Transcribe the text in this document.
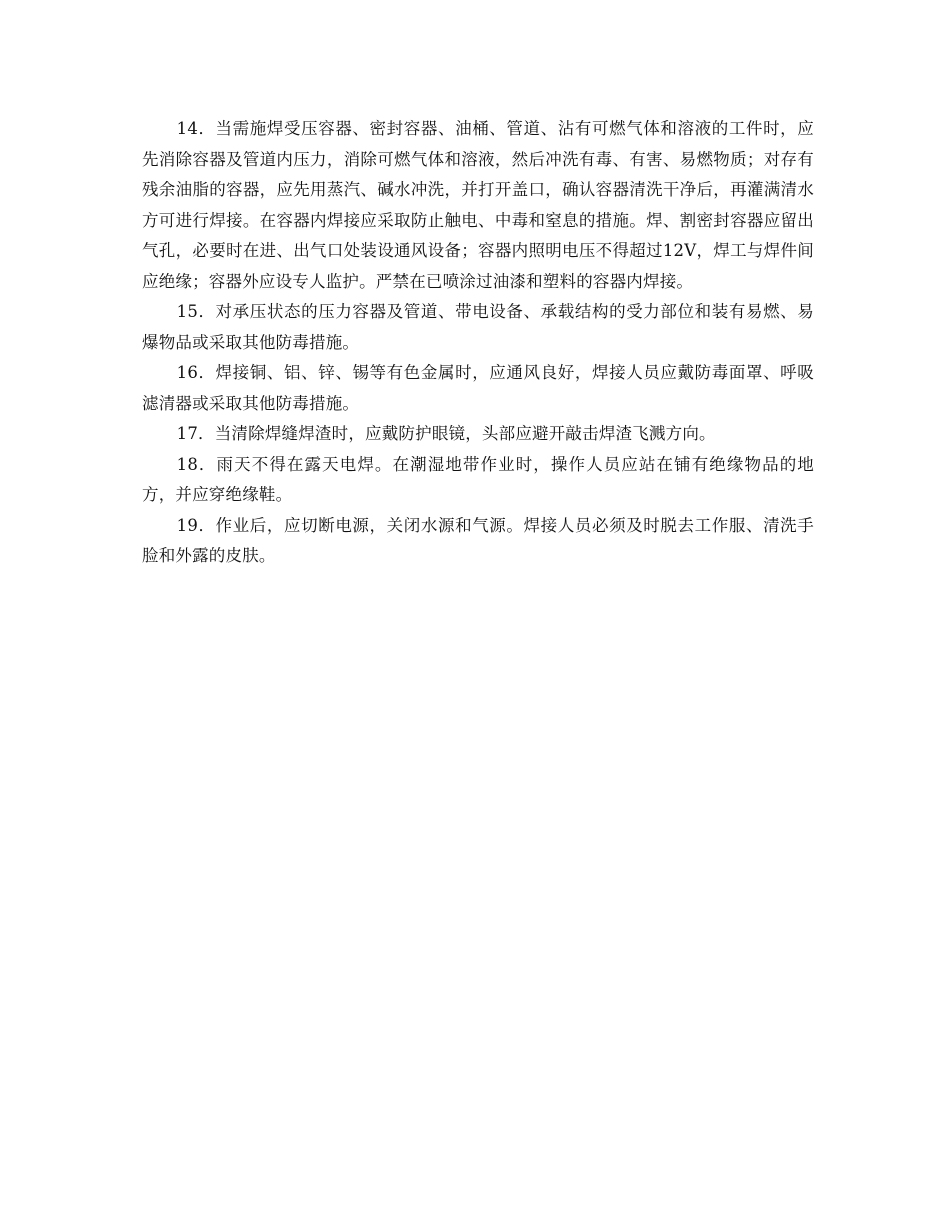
14．当需施焊受压容器、密封容器、油桶、管道、沾有可燃气体和溶液的工件时，应先消除容器及管道内压力，消除可燃气体和溶液，然后冲洗有毒、有害、易燃物质；对存有残余油脂的容器，应先用蒸汽、碱水冲洗，并打开盖口，确认容器清洗干净后，再灌满清水方可进行焊接。在容器内焊接应采取防止触电、中毒和窒息的措施。焊、割密封容器应留出气孔，必要时在进、出气口处装设通风设备；容器内照明电压不得超过12V，焊工与焊件间应绝缘；容器外应设专人监护。严禁在已喷涂过油漆和塑料的容器内焊接。

15．对承压状态的压力容器及管道、带电设备、承载结构的受力部位和装有易燃、易爆物品或采取其他防毒措施。

16．焊接铜、铝、锌、锡等有色金属时，应通风良好，焊接人员应戴防毒面罩、呼吸滤清器或采取其他防毒措施。

17．当清除焊缝焊渣时，应戴防护眼镜，头部应避开敲击焊渣飞溅方向。

18．雨天不得在露天电焊。在潮湿地带作业时，操作人员应站在铺有绝缘物品的地方，并应穿绝缘鞋。

19．作业后，应切断电源，关闭水源和气源。焊接人员必须及时脱去工作服、清洗手脸和外露的皮肤。
